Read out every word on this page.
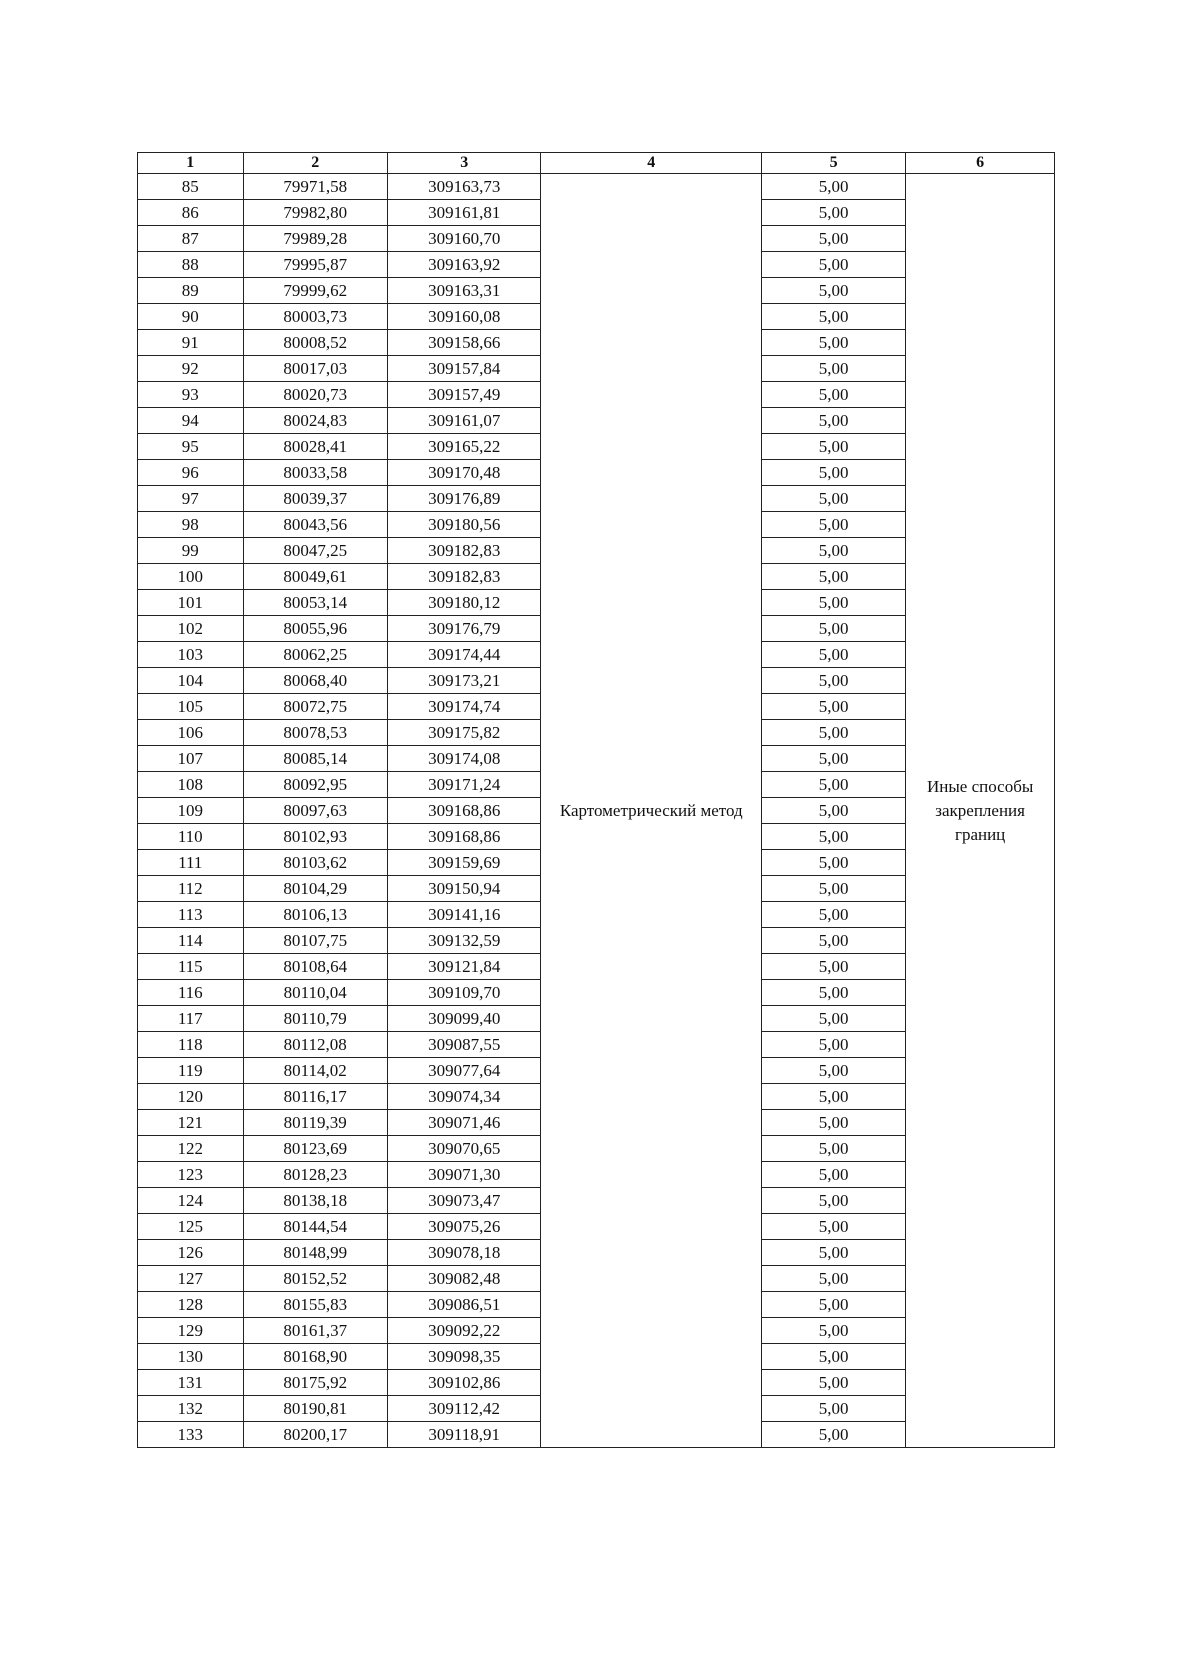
1	2	3	4	5	6
85	79971,58	309163,73	Картометрический метод	5,00	Иные способы
закрепления
границ

86	79982,80	309161,81		5,00	
87	79989,28	309160,70		5,00	
88	79995,87	309163,92		5,00	
89	79999,62	309163,31		5,00	
90	80003,73	309160,08		5,00	
91	80008,52	309158,66		5,00	
92	80017,03	309157,84		5,00	
93	80020,73	309157,49		5,00	
94	80024,83	309161,07		5,00	
95	80028,41	309165,22		5,00	
96	80033,58	309170,48		5,00	
97	80039,37	309176,89		5,00	
98	80043,56	309180,56		5,00	
99	80047,25	309182,83		5,00	
100	80049,61	309182,83		5,00	
101	80053,14	309180,12		5,00	
102	80055,96	309176,79		5,00	
103	80062,25	309174,44		5,00	
104	80068,40	309173,21		5,00	
105	80072,75	309174,74		5,00	
106	80078,53	309175,82		5,00	
107	80085,14	309174,08		5,00	
108	80092,95	309171,24		5,00	
109	80097,63	309168,86		5,00	
110	80102,93	309168,86		5,00	
111	80103,62	309159,69		5,00	
112	80104,29	309150,94		5,00	
113	80106,13	309141,16		5,00	
114	80107,75	309132,59		5,00	
115	80108,64	309121,84		5,00	
116	80110,04	309109,70		5,00	
117	80110,79	309099,40		5,00	
118	80112,08	309087,55		5,00	
119	80114,02	309077,64		5,00	
120	80116,17	309074,34		5,00	
121	80119,39	309071,46		5,00	
122	80123,69	309070,65		5,00	
123	80128,23	309071,30		5,00	
124	80138,18	309073,47		5,00	
125	80144,54	309075,26		5,00	
126	80148,99	309078,18		5,00	
127	80152,52	309082,48		5,00	
128	80155,83	309086,51		5,00	
129	80161,37	309092,22		5,00	
130	80168,90	309098,35		5,00	
131	80175,92	309102,86		5,00	
132	80190,81	309112,42		5,00	
133	80200,17	309118,91		5,00	
